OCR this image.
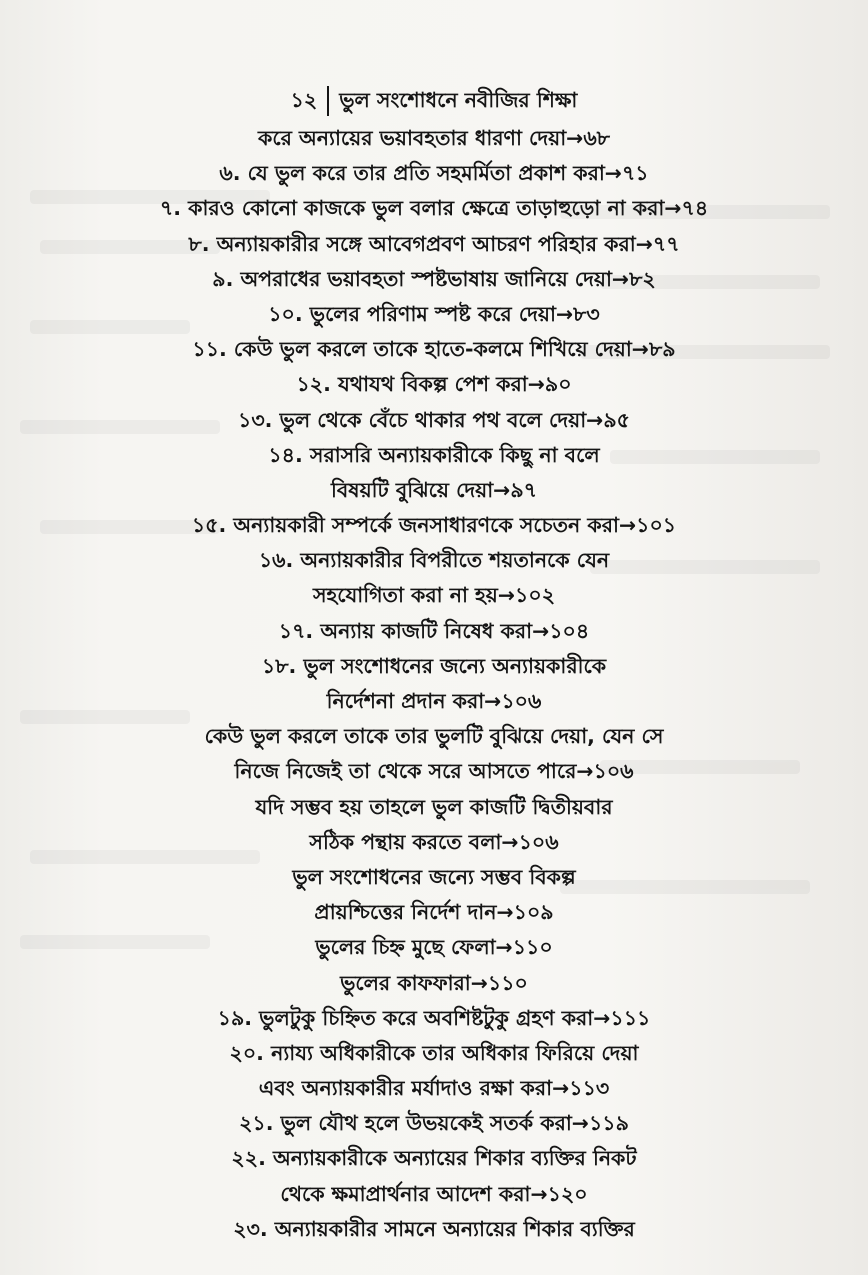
১২ ভুল সংশোধনে নবীজির শিক্ষা
করে অন্যায়ের ভয়াবহতার ধারণা দেয়া→৬৮
৬. যে ভুল করে তার প্রতি সহমর্মিতা প্রকাশ করা→৭১
৭. কারও কোনো কাজকে ভুল বলার ক্ষেত্রে তাড়াহুড়ো না করা→৭৪
৮. অন্যায়কারীর সঙ্গে আবেগপ্রবণ আচরণ পরিহার করা→৭৭
৯. অপরাধের ভয়াবহতা স্পষ্টভাষায় জানিয়ে দেয়া→৮২
১০. ভুলের পরিণাম স্পষ্ট করে দেয়া→৮৩
১১. কেউ ভুল করলে তাকে হাতে-কলমে শিখিয়ে দেয়া→৮৯
১২. যথাযথ বিকল্প পেশ করা→৯০
১৩. ভুল থেকে বেঁচে থাকার পথ বলে দেয়া→৯৫
১৪. সরাসরি অন্যায়কারীকে কিছু না বলে
বিষয়টি বুঝিয়ে দেয়া→৯৭
১৫. অন্যায়কারী সম্পর্কে জনসাধারণকে সচেতন করা→১০১
১৬. অন্যায়কারীর বিপরীতে শয়তানকে যেন
সহযোগিতা করা না হয়→১০২
১৭. অন্যায় কাজটি নিষেধ করা→১০৪
১৮. ভুল সংশোধনের জন্যে অন্যায়কারীকে
নির্দেশনা প্রদান করা→১০৬
কেউ ভুল করলে তাকে তার ভুলটি বুঝিয়ে দেয়া, যেন সে
নিজে নিজেই তা থেকে সরে আসতে পারে→১০৬
যদি সম্ভব হয় তাহলে ভুল কাজটি দ্বিতীয়বার
সঠিক পন্থায় করতে বলা→১০৬
ভুল সংশোধনের জন্যে সম্ভব বিকল্প
প্রায়শ্চিত্তের নির্দেশ দান→১০৯
ভুলের চিহ্ন মুছে ফেলা→১১০
ভুলের কাফফারা→১১০
১৯. ভুলটুকু চিহ্নিত করে অবশিষ্টটুকু গ্রহণ করা→১১১
২০. ন্যায্য অধিকারীকে তার অধিকার ফিরিয়ে দেয়া
এবং অন্যায়কারীর মর্যাদাও রক্ষা করা→১১৩
২১. ভুল যৌথ হলে উভয়কেই সতর্ক করা→১১৯
২২. অন্যায়কারীকে অন্যায়ের শিকার ব্যক্তির নিকট
থেকে ক্ষমাপ্রার্থনার আদেশ করা→১২০
২৩. অন্যায়কারীর সামনে অন্যায়ের শিকার ব্যক্তির
